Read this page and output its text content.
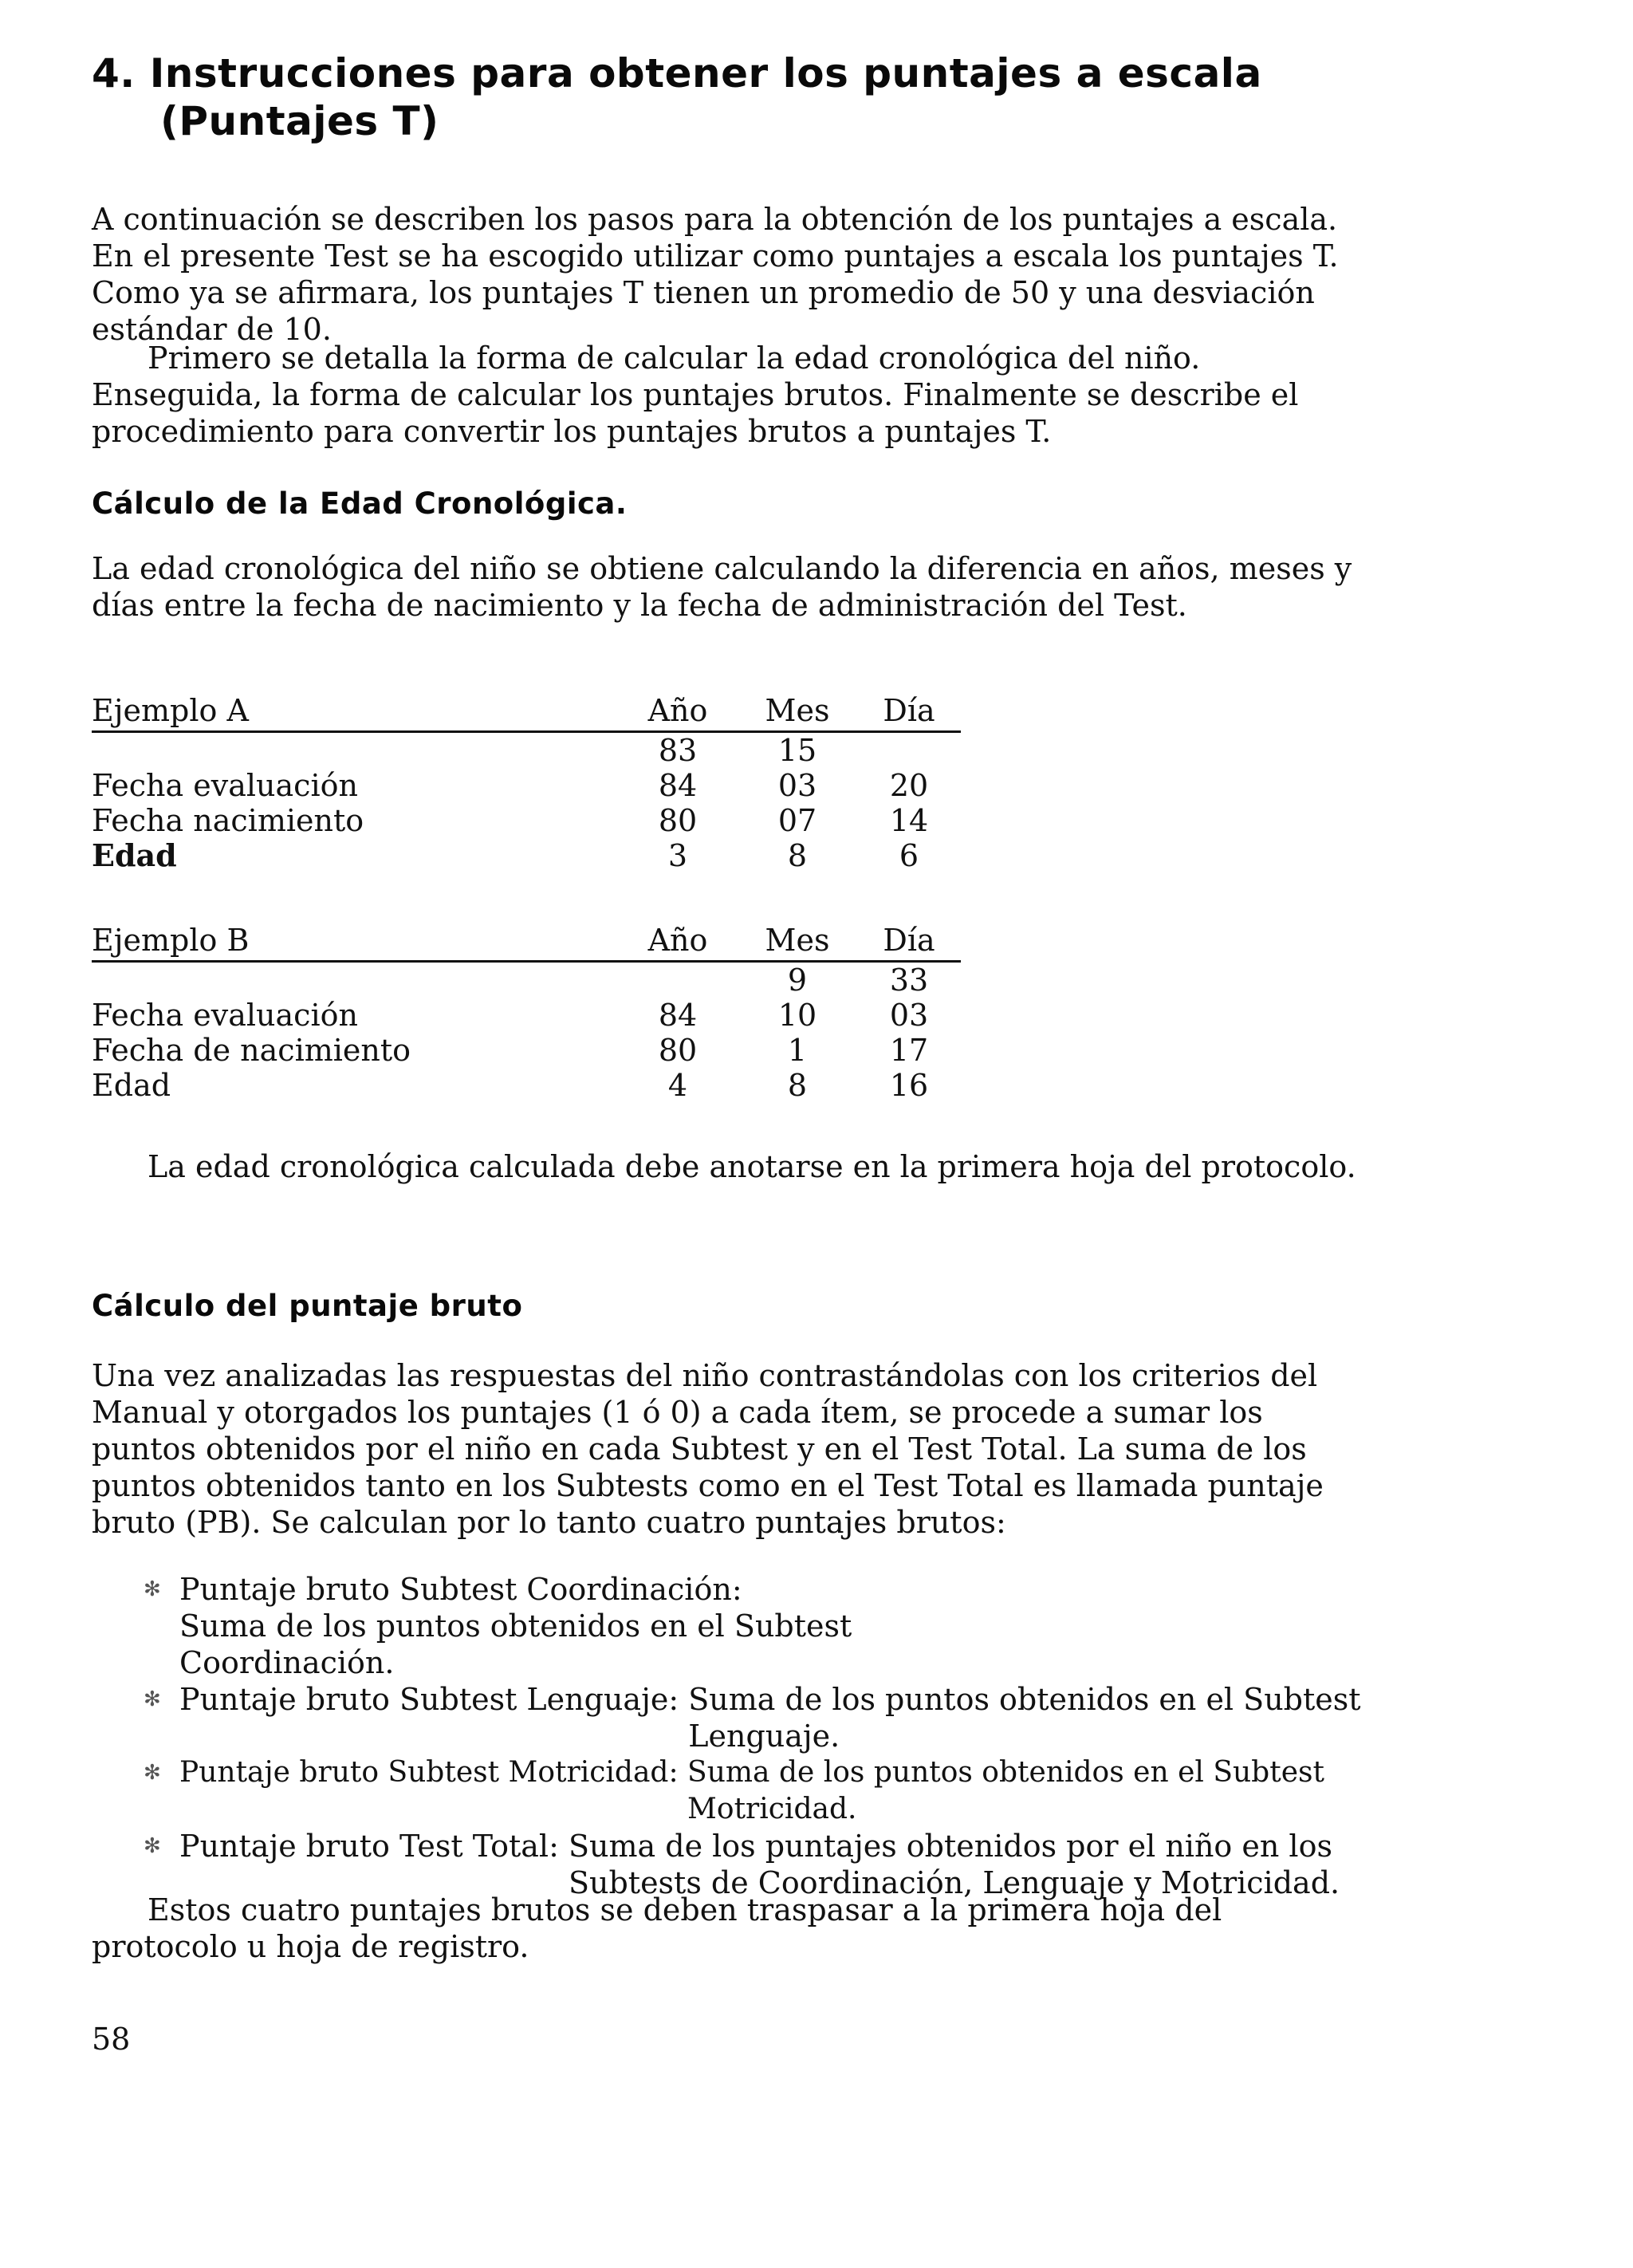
4. Instrucciones para obtener los puntajes a escala
(Puntajes T)

A continuación se describen los pasos para la obtención de los puntajes a escala. En el presente Test se ha escogido utilizar como puntajes a escala los puntajes T. Como ya se afirmara, los puntajes T tienen un promedio de 50 y una desviación estándar de 10.

Primero se detalla la forma de calcular la edad cronológica del niño. Enseguida, la forma de calcular los puntajes brutos. Finalmente se describe el procedimiento para convertir los puntajes brutos a puntajes T.

Cálculo de la Edad Cronológica.

La edad cronológica del niño se obtiene calculando la diferencia en años, meses y días entre la fecha de nacimiento y la fecha de administración del Test.

Ejemplo A	Año	Mes	Día

	83	15	
Fecha evaluación	84	03	20
Fecha nacimiento	80	07	14
Edad	3	8	6
Ejemplo B	Año	Mes	Día

		9	33
Fecha evaluación	84	10	03
Fecha de nacimiento	80	1	17
Edad	4	8	16

La edad cronológica calculada debe anotarse en la primera hoja del protocolo.

Cálculo del puntaje bruto

Una vez analizadas las respuestas del niño contrastándolas con los criterios del Manual y otorgados los puntajes (1 ó 0) a cada ítem, se procede a sumar los puntos obtenidos por el niño en cada Subtest y en el Test Total. La suma de los puntos obtenidos tanto en los Subtests como en el Test Total es llamada puntaje bruto (PB). Se calculan por lo tanto cuatro puntajes brutos:

✻ Puntaje bruto Subtest Coordinación: Suma de los puntos obtenidos en el Subtest
Coordinación.
✻ Puntaje bruto Subtest Lenguaje: Suma de los puntos obtenidos en el Subtest
Lenguaje.
✻ Puntaje bruto Subtest Motricidad: Suma de los puntos obtenidos en el Subtest
Motricidad.
✻ Puntaje bruto Test Total: Suma de los puntajes obtenidos por el niño en los
Subtests de Coordinación, Lenguaje y Motricidad.

Estos cuatro puntajes brutos se deben traspasar a la primera hoja del protocolo u hoja de registro.

58
